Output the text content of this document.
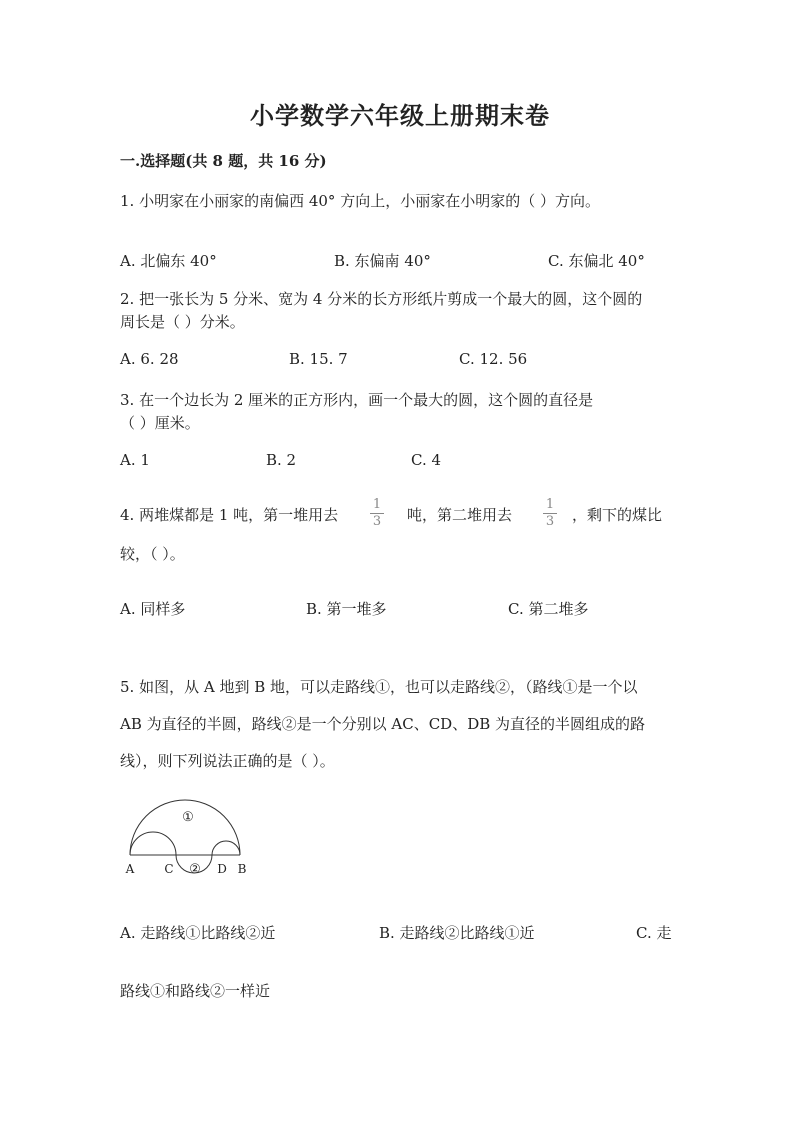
小学数学六年级上册期末卷
一.选择题(共 8 题，共 16 分)
1. 小明家在小丽家的南偏西 40° 方向上，小丽家在小明家的（ ）方向。
A. 北偏东 40°	B. 东偏南 40°	C. 东偏北 40°
2. 把一张长为 5 分米、宽为 4 分米的长方形纸片剪成一个最大的圆，这个圆的
周长是（ ）分米。
A. 6. 28	B. 15. 7	C. 12. 56
3. 在一个边长为 2 厘米的正方形内，画一个最大的圆，这个圆的直径是
（ ）厘米。
A. 1	B. 2	C. 4
4. 两堆煤都是 1 吨，第一堆用去
1
3 吨，第二堆用去
1
3 ，剩下的煤比
较，（ ）。
A. 同样多	B. 第一堆多	C. 第二堆多
5. 如图，从 A 地到 B 地，可以走路线①，也可以走路线②，（路线①是一个以
AB 为直径的半圆，路线②是一个分别以 AC、CD、DB 为直径的半圆组成的路
线），则下列说法正确的是（ ）。
①
②
A	C	D B
A. 走路线①比路线②近	B. 走路线②比路线①近	C. 走
路线①和路线②一样近
